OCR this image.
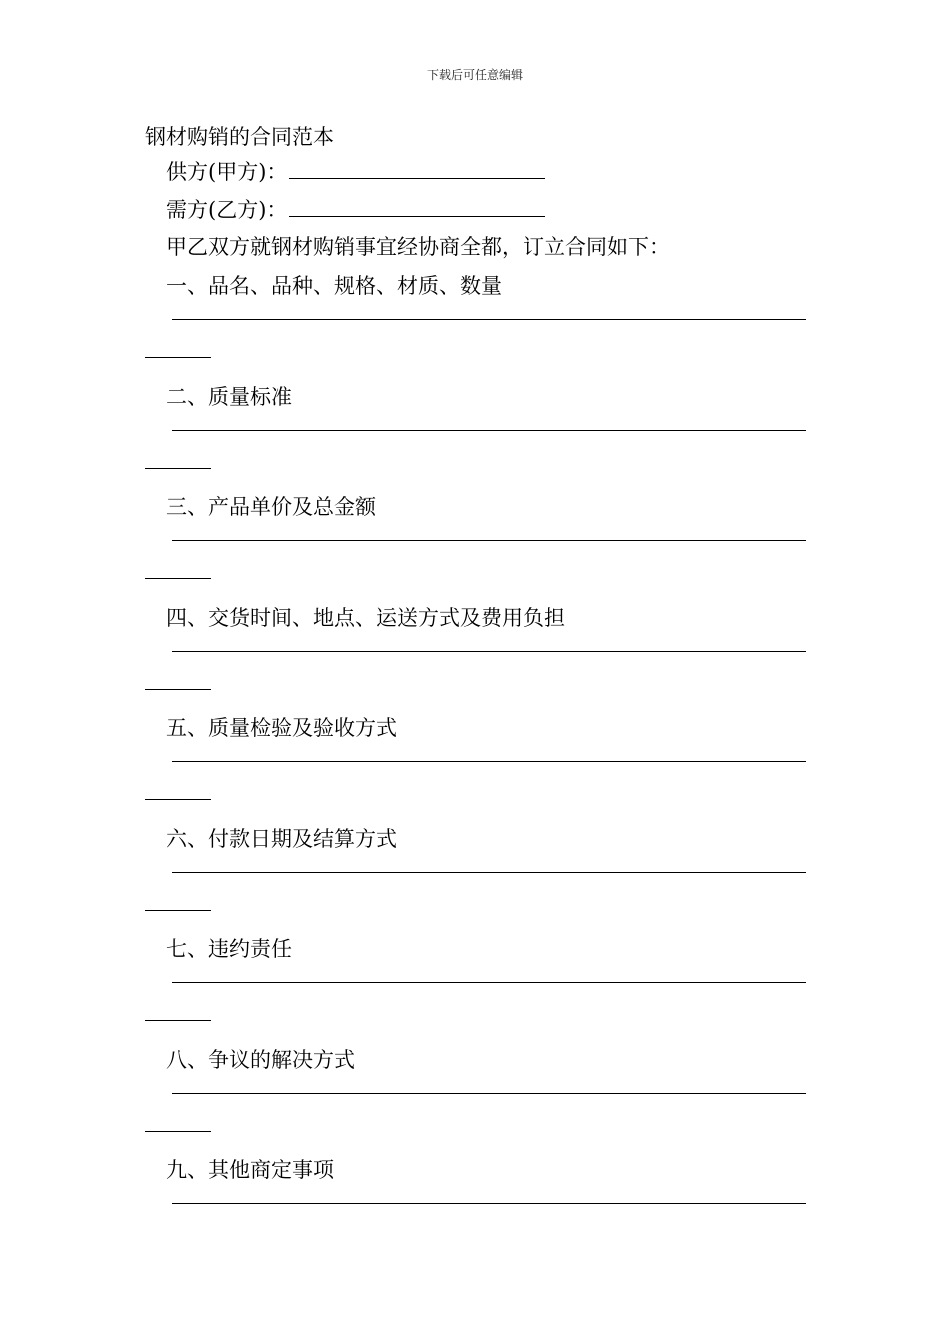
下载后可任意编辑
钢材购销的合同范本
供方(甲方)：
需方(乙方)：
甲乙双方就钢材购销事宜经协商全都，订立合同如下：
一、品名、品种、规格、材质、数量
二、质量标准
三、产品单价及总金额
四、交货时间、地点、运送方式及费用负担
五、质量检验及验收方式
六、付款日期及结算方式
七、违约责任
八、争议的解决方式
九、其他商定事项
